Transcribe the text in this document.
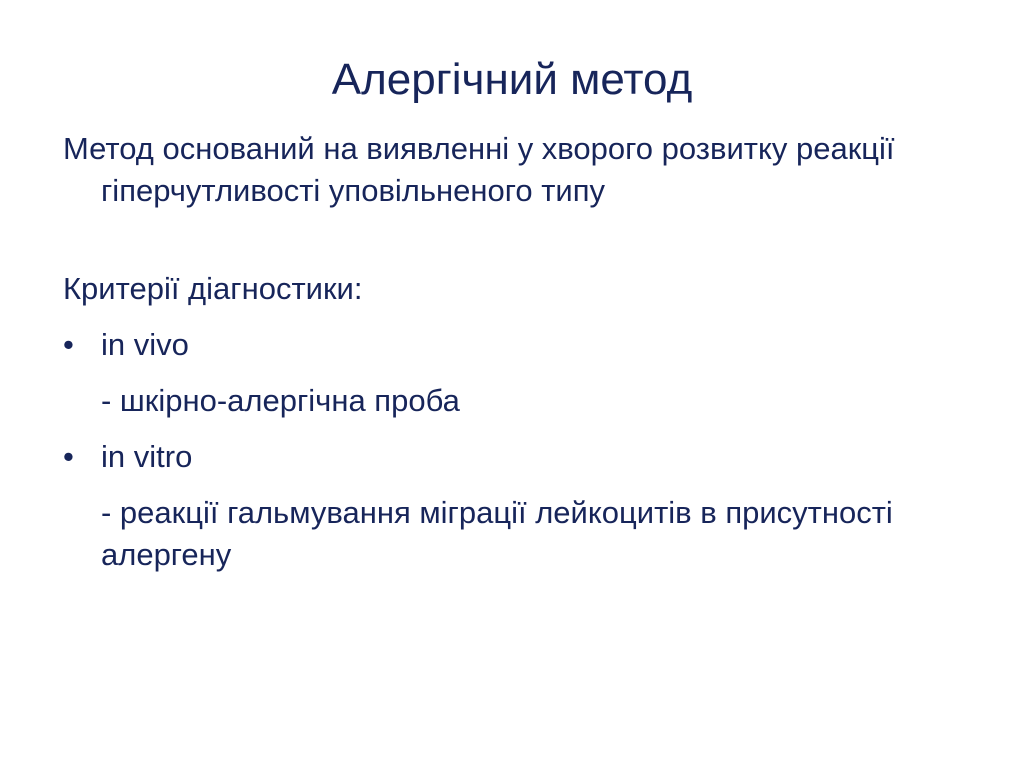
Алергічний метод

Метод оснований на виявленні у хворого розвитку реакції гіперчутливості уповільненого типу

Критерії діагностики:

• in vivo
- шкірно-алергічна проба
• in vitro
- реакції гальмування міграції лейкоцитів в присутності алергену
